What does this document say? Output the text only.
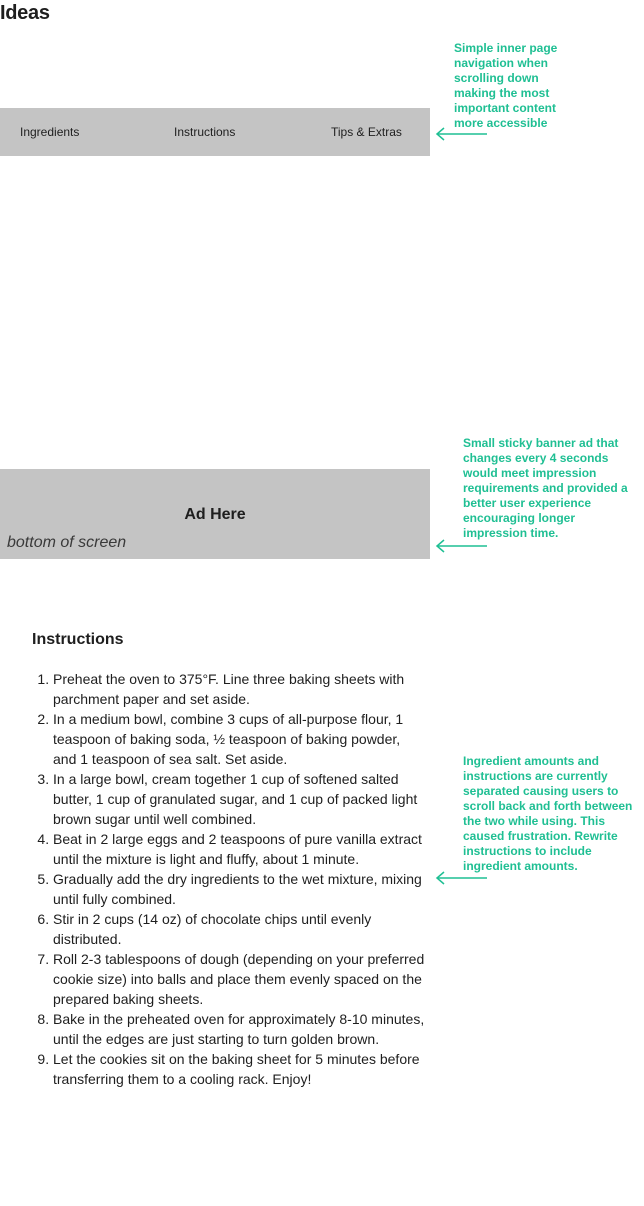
Ideas
Ingredients	Instructions	Tips & Extras
Simple inner page navigation when scrolling down making the most important content more accessible
Ad Here
bottom of screen
Small sticky banner ad that changes every 4 seconds would meet impression requirements and provided a better user experience encouraging longer impression time.
Instructions
1. Preheat the oven to 375°F. Line three baking sheets with parchment paper and set aside.
2. In a medium bowl, combine 3 cups of all-purpose flour, 1 teaspoon of baking soda, ½ teaspoon of baking powder, and 1 teaspoon of sea salt. Set aside.
3. In a large bowl, cream together 1 cup of softened salted butter, 1 cup of granulated sugar, and 1 cup of packed light brown sugar until well combined.
4. Beat in 2 large eggs and 2 teaspoons of pure vanilla extract until the mixture is light and fluffy, about 1 minute.
5. Gradually add the dry ingredients to the wet mixture, mixing until fully combined.
6. Stir in 2 cups (14 oz) of chocolate chips until evenly distributed.
7. Roll 2-3 tablespoons of dough (depending on your preferred cookie size) into balls and place them evenly spaced on the prepared baking sheets.
8. Bake in the preheated oven for approximately 8-10 minutes, until the edges are just starting to turn golden brown.
9. Let the cookies sit on the baking sheet for 5 minutes before transferring them to a cooling rack. Enjoy!
Ingredient amounts and instructions are currently separated causing users to scroll back and forth between the two while using. This caused frustration. Rewrite instructions to include ingredient amounts.
